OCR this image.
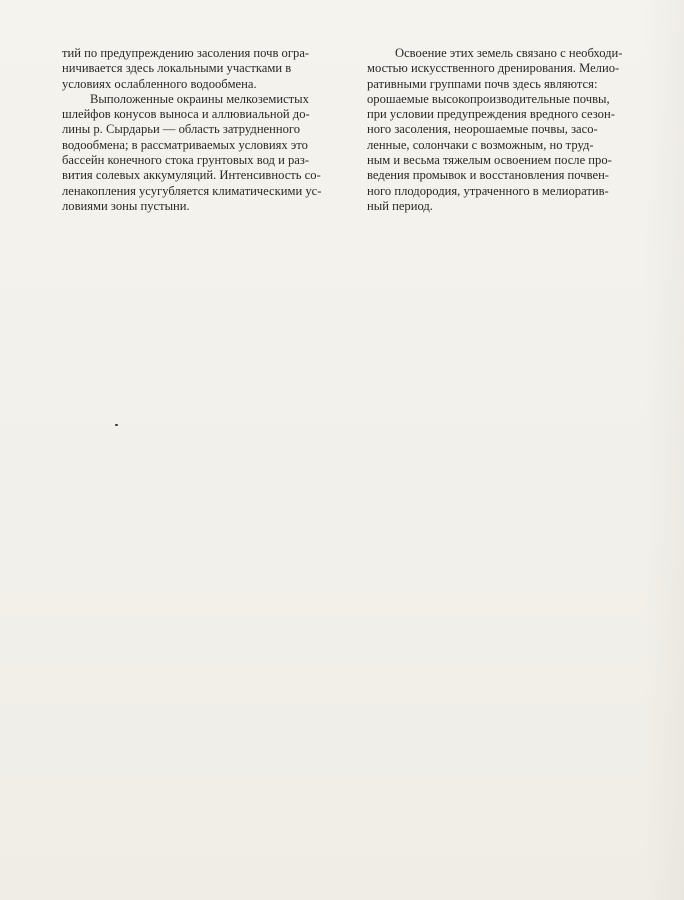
тий по предупреждению засоления почв огра-
ничивается здесь локальными участками в
условиях ослабленного водообмена.

Выположенные окраины мелкоземистых
шлейфов конусов выноса и аллювиальной до-
лины р. Сырдарьи — область затрудненного
водообмена; в рассматриваемых условиях это
бассейн конечного стока грунтовых вод и раз-
вития солевых аккумуляций. Интенсивность со-
ленакопления усугубляется климатическими ус-
ловиями зоны пустыни.

Освоение этих земель связано с необходи-
мостью искусственного дренирования. Мелио-
ративными группами почв здесь являются:
орошаемые высокопроизводительные почвы,
при условии предупреждения вредного сезон-
ного засоления, неорошаемые почвы, засо-
ленные, солончаки с возможным, но труд-
ным и весьма тяжелым освоением после про-
ведения промывок и восстановления почвен-
ного плодородия, утраченного в мелиоратив-
ный период.
